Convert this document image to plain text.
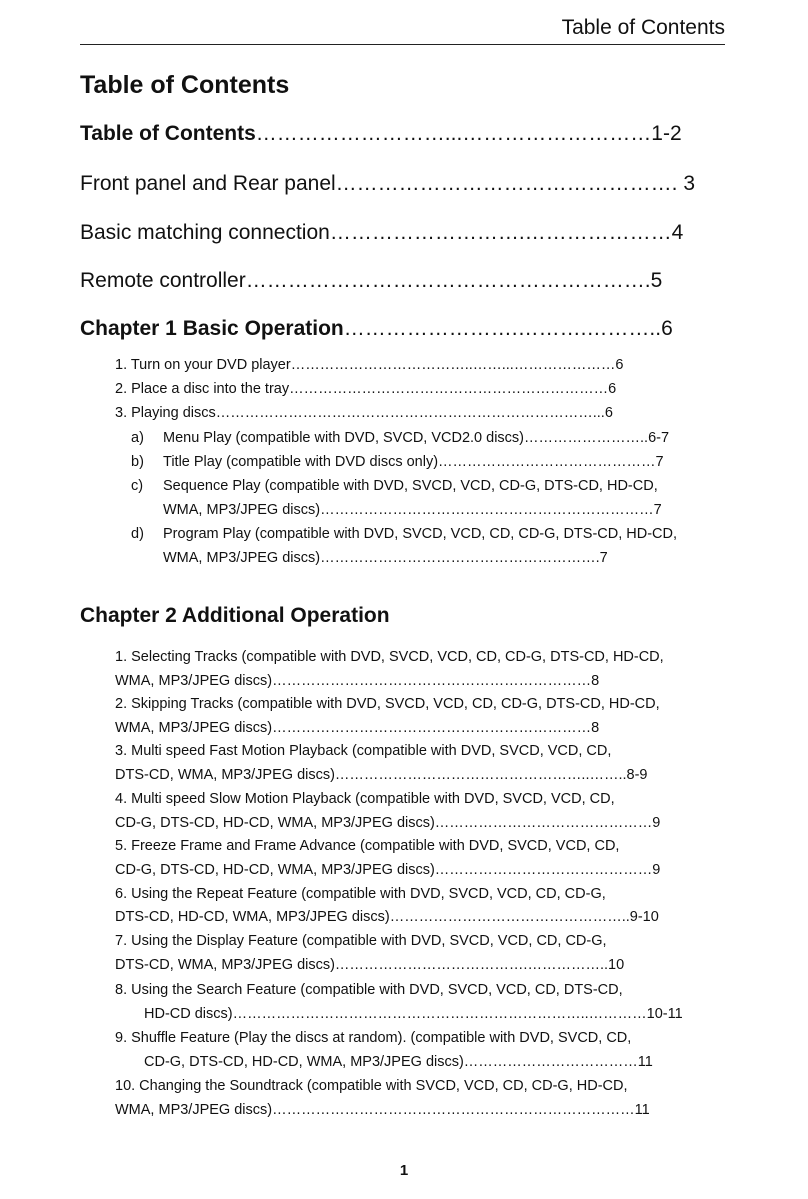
Table of Contents
Table of Contents
Table of Contents………………………...………………………1-2
Front panel and Rear panel…………………………………………. 3
Basic matching connection……………………….…………………4
Remote controller………………………………………………….5
Chapter 1 Basic Operation…………………….……….………..6
1. Turn on your DVD player………………………………..……...…………………6
2. Place a disc into the tray…………………………………………………………6
3. Playing discs……………………………………………………………………...6
a) Menu Play (compatible with DVD, SVCD, VCD2.0 discs)……………………..6-7
b) Title Play (compatible with DVD discs only)………………………………………7
c) Sequence Play (compatible with DVD, SVCD, VCD, CD-G, DTS-CD, HD-CD,
WMA, MP3/JPEG discs)……………………………………………………………7
d) Program Play (compatible with DVD, SVCD, VCD, CD, CD-G, DTS-CD, HD-CD,
WMA, MP3/JPEG discs)………………………………………………….7
Chapter 2 Additional Operation
1. Selecting Tracks (compatible with DVD, SVCD, VCD, CD, CD-G, DTS-CD, HD-CD,
WMA, MP3/JPEG discs)…………………………………………………………8
2. Skipping Tracks (compatible with DVD, SVCD, VCD, CD, CD-G, DTS-CD, HD-CD,
WMA, MP3/JPEG discs)…………………………………………………………8
3. Multi speed Fast Motion Playback (compatible with DVD, SVCD, VCD, CD,
DTS-CD, WMA, MP3/JPEG discs)……………………………………………..……..8-9
4. Multi speed Slow Motion Playback (compatible with DVD, SVCD, VCD, CD,
CD-G, DTS-CD, HD-CD, WMA, MP3/JPEG discs)………………………………………9
5. Freeze Frame and Frame Advance (compatible with DVD, SVCD, VCD, CD,
CD-G, DTS-CD, HD-CD, WMA, MP3/JPEG discs)………………………………………9
6. Using the Repeat Feature (compatible with DVD, SVCD, VCD, CD, CD-G,
DTS-CD, HD-CD, WMA, MP3/JPEG discs)…………………………………………..9-10
7. Using the Display Feature (compatible with DVD, SVCD, VCD, CD, CD-G,
DTS-CD, WMA, MP3/JPEG discs)………………………………….……………..10
8. Using the Search Feature (compatible with DVD, SVCD, VCD, CD, DTS-CD,
HD-CD discs)………………………………………………………………..…………10-11
9. Shuffle Feature (Play the discs at random). (compatible with DVD, SVCD, CD,
CD-G, DTS-CD, HD-CD, WMA, MP3/JPEG discs)………………………………11
10. Changing the Soundtrack (compatible with SVCD, VCD, CD, CD-G, HD-CD,
WMA, MP3/JPEG discs)…………………………………………………………………11
1
